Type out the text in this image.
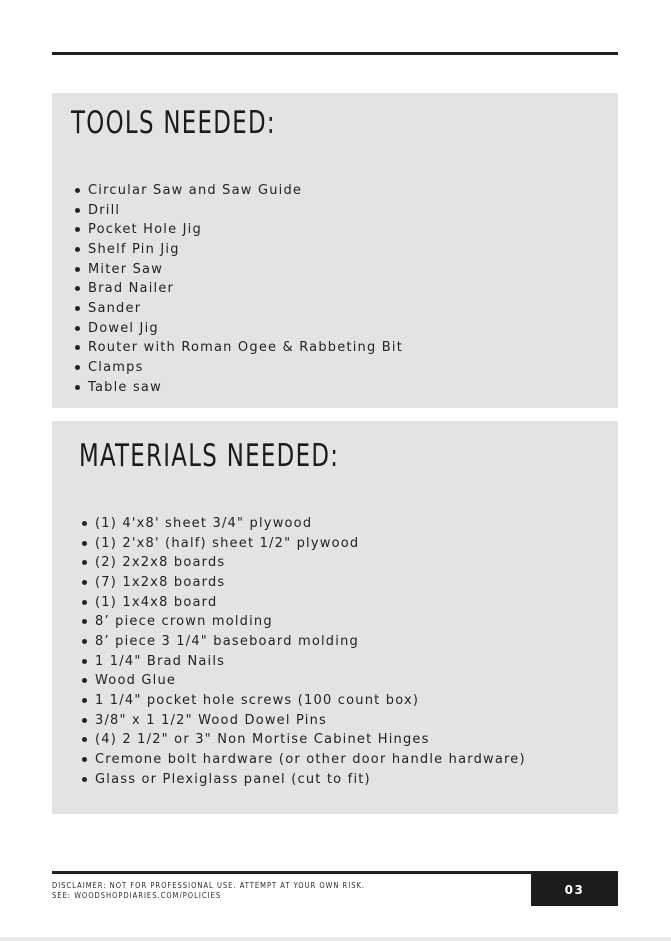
TOOLS NEEDED:
Circular Saw and Saw Guide
Drill
Pocket Hole Jig
Shelf Pin Jig
Miter Saw
Brad Nailer
Sander
Dowel Jig
Router with Roman Ogee & Rabbeting Bit
Clamps
Table saw
MATERIALS NEEDED:
(1) 4'x8' sheet 3/4" plywood
(1) 2'x8' (half) sheet 1/2" plywood
(2) 2x2x8 boards
(7) 1x2x8 boards
(1) 1x4x8 board
8’ piece crown molding
8’ piece 3 1/4" baseboard molding
1 1/4" Brad Nails
Wood Glue
1 1/4" pocket hole screws (100 count box)
3/8" x 1 1/2" Wood Dowel Pins
(4) 2 1/2" or 3" Non Mortise Cabinet Hinges
Cremone bolt hardware (or other door handle hardware)
Glass or Plexiglass panel (cut to fit)
DISCLAIMER: NOT FOR PROFESSIONAL USE. ATTEMPT AT YOUR OWN RISK.
SEE: WOODSHOPDIARIES.COM/POLICIES	03
